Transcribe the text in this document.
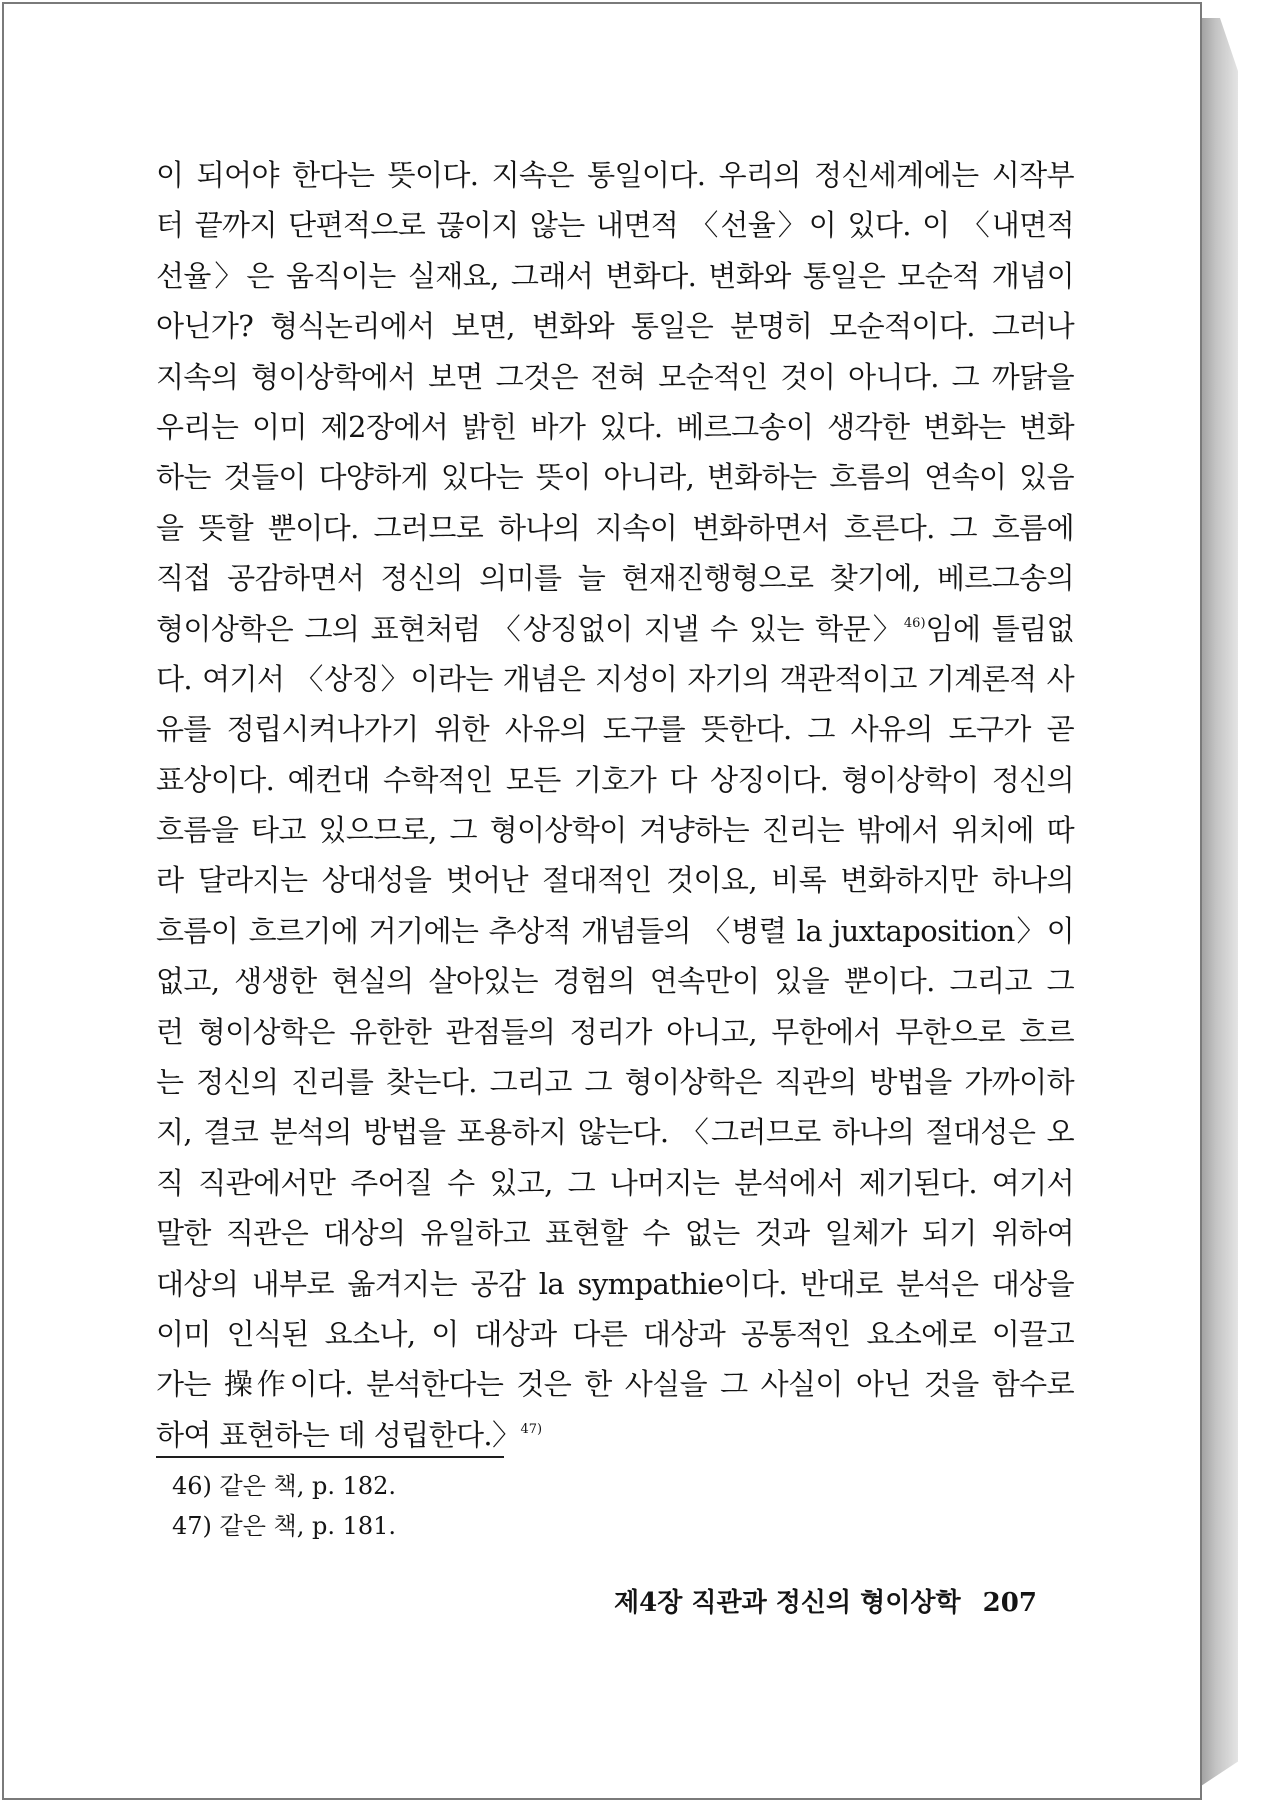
이 되어야 한다는 뜻이다. 지속은 통일이다. 우리의 정신세계에는 시작부
터 끝까지 단편적으로 끊이지 않는 내면적 〈선율〉이 있다. 이 〈내면적
선율〉은 움직이는 실재요, 그래서 변화다. 변화와 통일은 모순적 개념이
아닌가? 형식논리에서 보면, 변화와 통일은 분명히 모순적이다. 그러나
지속의 형이상학에서 보면 그것은 전혀 모순적인 것이 아니다. 그 까닭을
우리는 이미 제2장에서 밝힌 바가 있다. 베르그송이 생각한 변화는 변화
하는 것들이 다양하게 있다는 뜻이 아니라, 변화하는 흐름의 연속이 있음
을 뜻할 뿐이다. 그러므로 하나의 지속이 변화하면서 흐른다. 그 흐름에
직접 공감하면서 정신의 의미를 늘 현재진행형으로 찾기에, 베르그송의
형이상학은 그의 표현처럼 〈상징없이 지낼 수 있는 학문〉$^{46)}$임에 틀림없
다. 여기서 〈상징〉이라는 개념은 지성이 자기의 객관적이고 기계론적 사
유를 정립시켜나가기 위한 사유의 도구를 뜻한다. 그 사유의 도구가 곧
표상이다. 예컨대 수학적인 모든 기호가 다 상징이다. 형이상학이 정신의
흐름을 타고 있으므로, 그 형이상학이 겨냥하는 진리는 밖에서 위치에 따
라 달라지는 상대성을 벗어난 절대적인 것이요, 비록 변화하지만 하나의
흐름이 흐르기에 거기에는 추상적 개념들의 〈병렬 la juxtaposition〉이
없고, 생생한 현실의 살아있는 경험의 연속만이 있을 뿐이다. 그리고 그
런 형이상학은 유한한 관점들의 정리가 아니고, 무한에서 무한으로 흐르
는 정신의 진리를 찾는다. 그리고 그 형이상학은 직관의 방법을 가까이하
지, 결코 분석의 방법을 포용하지 않는다. 〈그러므로 하나의 절대성은 오
직 직관에서만 주어질 수 있고, 그 나머지는 분석에서 제기된다. 여기서
말한 직관은 대상의 유일하고 표현할 수 없는 것과 일체가 되기 위하여
대상의 내부로 옮겨지는 공감 la sympathie이다. 반대로 분석은 대상을
이미 인식된 요소나, 이 대상과 다른 대상과 공통적인 요소에로 이끌고
가는 操作이다. 분석한다는 것은 한 사실을 그 사실이 아닌 것을 함수로
하여 표현하는 데 성립한다.〉$^{47)}$
46) 같은 책, p. 182.
47) 같은 책, p. 181.
제4장 직관과 정신의 형이상학 207
